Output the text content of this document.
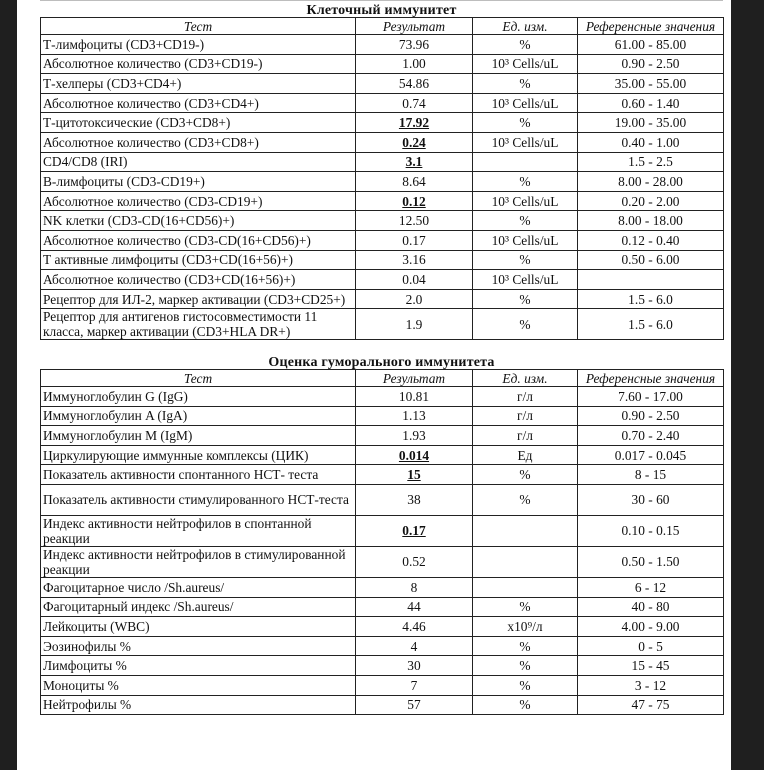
Клеточный иммунитет
Тест	Результат	Ед. изм.	Референсные значения
Т-лимфоциты (CD3+CD19-)	73.96	%	61.00 - 85.00
Абсолютное количество (CD3+CD19-)	1.00	10³ Cells/uL	0.90 - 2.50
Т-хелперы (CD3+CD4+)	54.86	%	35.00 - 55.00
Абсолютное количество (CD3+CD4+)	0.74	10³ Cells/uL	0.60 - 1.40
Т-цитотоксические (CD3+CD8+)	17.92	%	19.00 - 35.00
Абсолютное количество (CD3+CD8+)	0.24	10³ Cells/uL	0.40 - 1.00
CD4/CD8 (IRI)	3.1		1.5 - 2.5
В-лимфоциты (CD3-CD19+)	8.64	%	8.00 - 28.00
Абсолютное количество (CD3-CD19+)	0.12	10³ Cells/uL	0.20 - 2.00
NK клетки (CD3-CD(16+CD56)+)	12.50	%	8.00 - 18.00
Абсолютное количество (CD3-CD(16+CD56)+)	0.17	10³ Cells/uL	0.12 - 0.40
Т активные лимфоциты (CD3+CD(16+56)+)	3.16	%	0.50 - 6.00
Абсолютное количество (CD3+CD(16+56)+)	0.04	10³ Cells/uL	
Рецептор для ИЛ-2, маркер активации (CD3+CD25+)	2.0	%	1.5 - 6.0
Рецептор для антигенов гистосовместимости 11 класса, маркер активации (CD3+HLA DR+)	1.9	%	1.5 - 6.0
Оценка гуморального иммунитета
Тест	Результат	Ед. изм.	Референсные значения
Иммуноглобулин G (IgG)	10.81	г/л	7.60 - 17.00
Иммуноглобулин A (IgA)	1.13	г/л	0.90 - 2.50
Иммуноглобулин M (IgM)	1.93	г/л	0.70 - 2.40
Циркулирующие иммунные комплексы (ЦИК)	0.014	Ед	0.017 - 0.045
Показатель активности спонтанного НСТ- теста	15	%	8 - 15
Показатель активности стимулированного НСТ-теста	38	%	30 - 60
Индекс активности нейтрофилов в спонтанной реакции	0.17		0.10 - 0.15
Индекс активности нейтрофилов в стимулированной реакции	0.52		0.50 - 1.50
Фагоцитарное число /Sh.aureus/	8		6 - 12
Фагоцитарный индекс /Sh.aureus/	44	%	40 - 80
Лейкоциты (WBC)	4.46	x10⁹/л	4.00 - 9.00
Эозинофилы %	4	%	0 - 5
Лимфоциты %	30	%	15 - 45
Моноциты %	7	%	3 - 12
Нейтрофилы %	57	%	47 - 75
